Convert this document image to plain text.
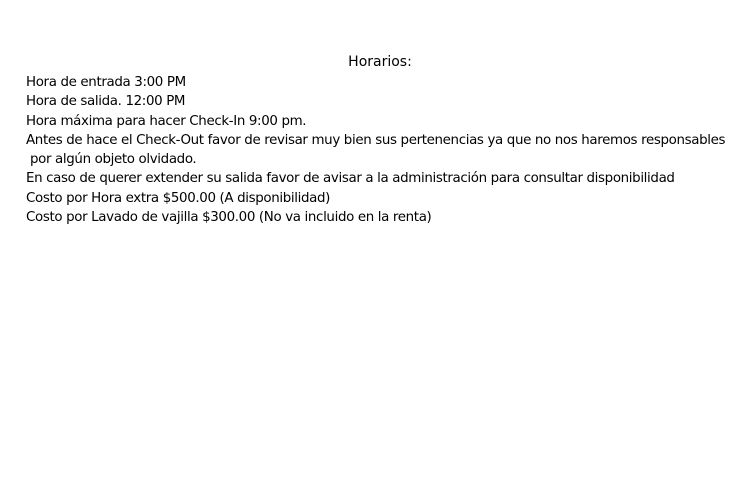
Horarios:
Hora de entrada 3:00 PM
Hora de salida. 12:00 PM
Hora máxima para hacer Check-In 9:00 pm.
Antes de hace el Check-Out favor de revisar muy bien sus pertenencias ya que no nos haremos responsables
por algún objeto olvidado.
En caso de querer extender su salida favor de avisar a la administración para consultar disponibilidad
Costo por Hora extra $500.00 (A disponibilidad)
Costo por Lavado de vajilla $300.00 (No va incluido en la renta)
